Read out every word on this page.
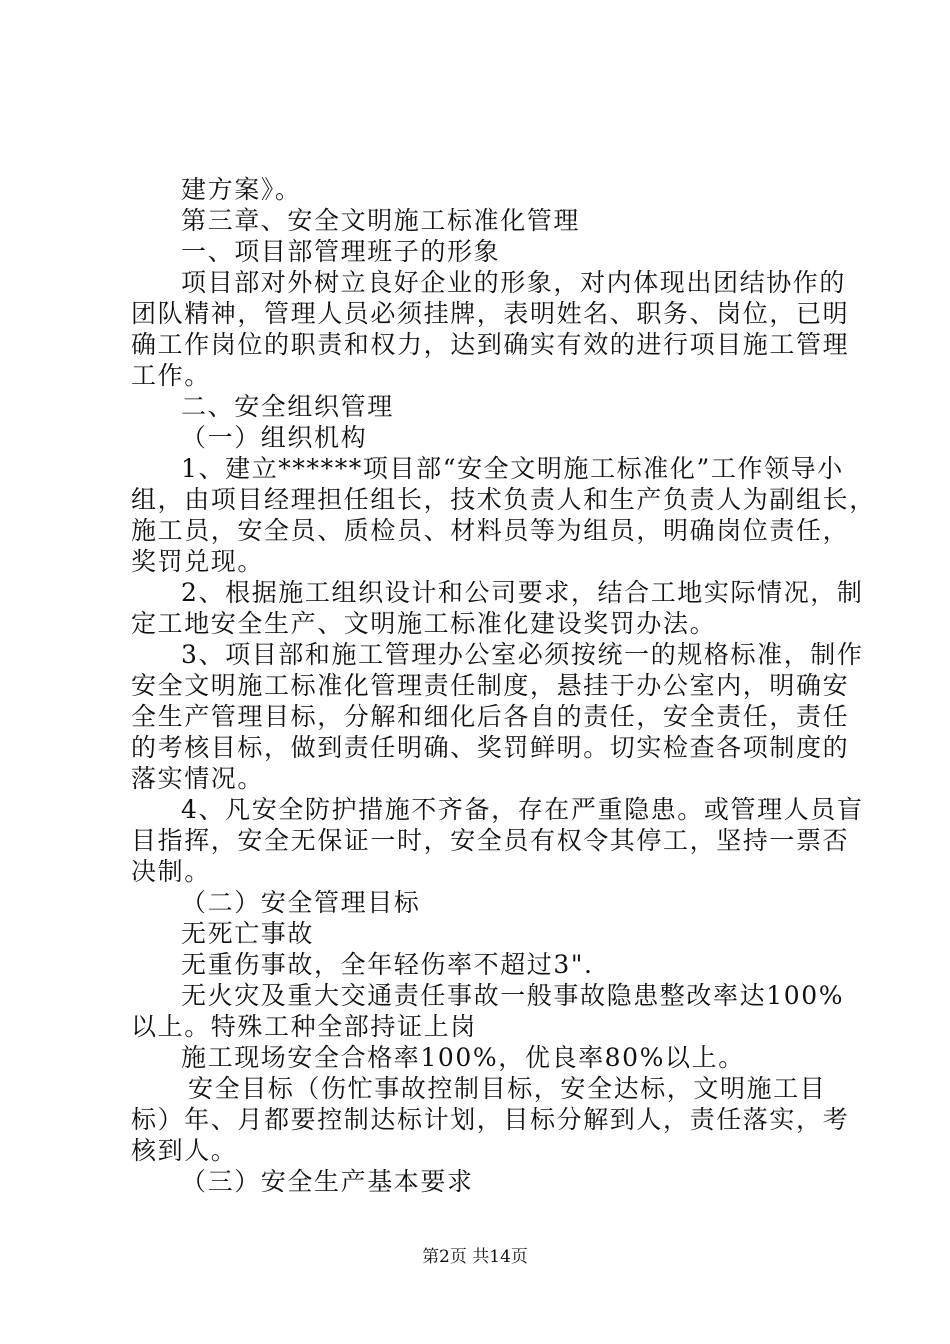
建方案》。
第三章、安全文明施工标准化管理
一、项目部管理班子的形象
项目部对外树立良好企业的形象，对内体现出团结协作的
团队精神，管理人员必须挂牌，表明姓名、职务、岗位，已明
确工作岗位的职责和权力，达到确实有效的进行项目施工管理
工作。
二、安全组织管理
（一）组织机构
1、建立******项目部“安全文明施工标准化”工作领导小
组，由项目经理担任组长，技术负责人和生产负责人为副组长，
施工员，安全员、质检员、材料员等为组员，明确岗位责任，
奖罚兑现。
2、根据施工组织设计和公司要求，结合工地实际情况，制
定工地安全生产、文明施工标准化建设奖罚办法。
3、项目部和施工管理办公室必须按统一的规格标准，制作
安全文明施工标准化管理责任制度，悬挂于办公室内，明确安
全生产管理目标，分解和细化后各自的责任，安全责任，责任
的考核目标，做到责任明确、奖罚鲜明。切实检查各项制度的
落实情况。
4、凡安全防护措施不齐备，存在严重隐患。或管理人员盲
目指挥，安全无保证一时，安全员有权令其停工，坚持一票否
决制。
（二）安全管理目标
无死亡事故
无重伤事故，全年轻伤率不超过3".
无火灾及重大交通责任事故一般事故隐患整改率达100%
以上。特殊工种全部持证上岗
施工现场安全合格率100%，优良率80%以上。
安全目标（伤忙事故控制目标，安全达标，文明施工目
标）年、月都要控制达标计划，目标分解到人，责任落实，考
核到人。
（三）安全生产基本要求
第2页 共14页
